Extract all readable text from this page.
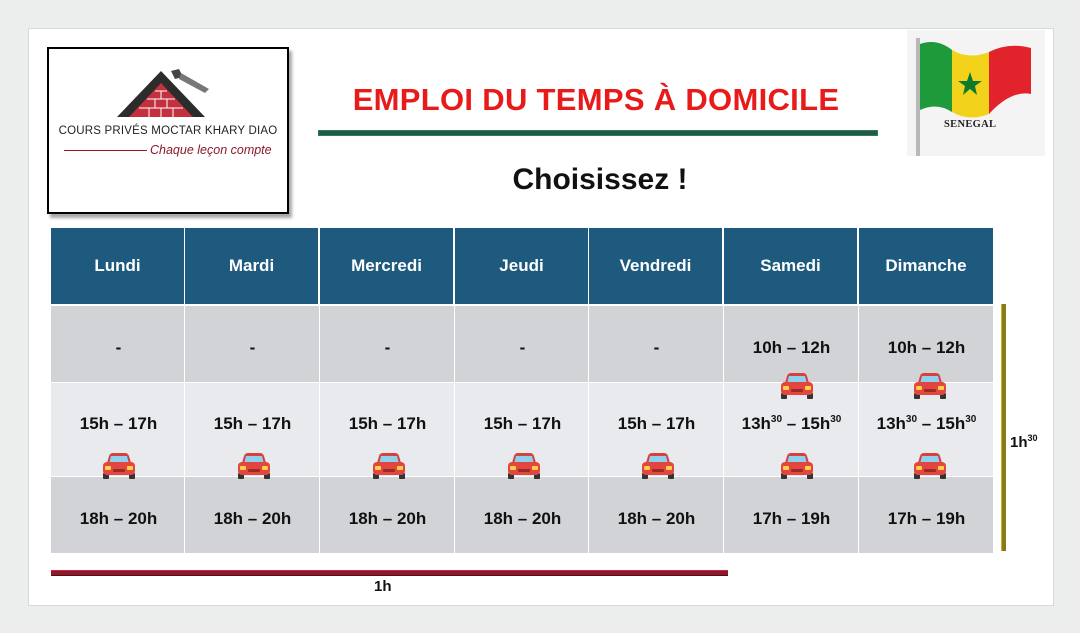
COURS PRIVÉS MOCTAR KHARY DIAO
Chaque leçon compte
EMPLOI DU TEMPS À DOMICILE
Choisissez !
SENEGAL
Lundi	Mardi	Mercredi	Jeudi	Vendredi	Samedi	Dimanche
-	-	-	-	-	10h – 12h	10h – 12h
15h – 17h	15h – 17h	15h – 17h	15h – 17h	15h – 17h	$13h^{30} - 15h^{30}$	$13h^{30} - 15h^{30}$
18h – 20h	18h – 20h	18h – 20h	18h – 20h	18h – 20h	17h – 19h	17h – 19h
1h
$1h^{30}$
